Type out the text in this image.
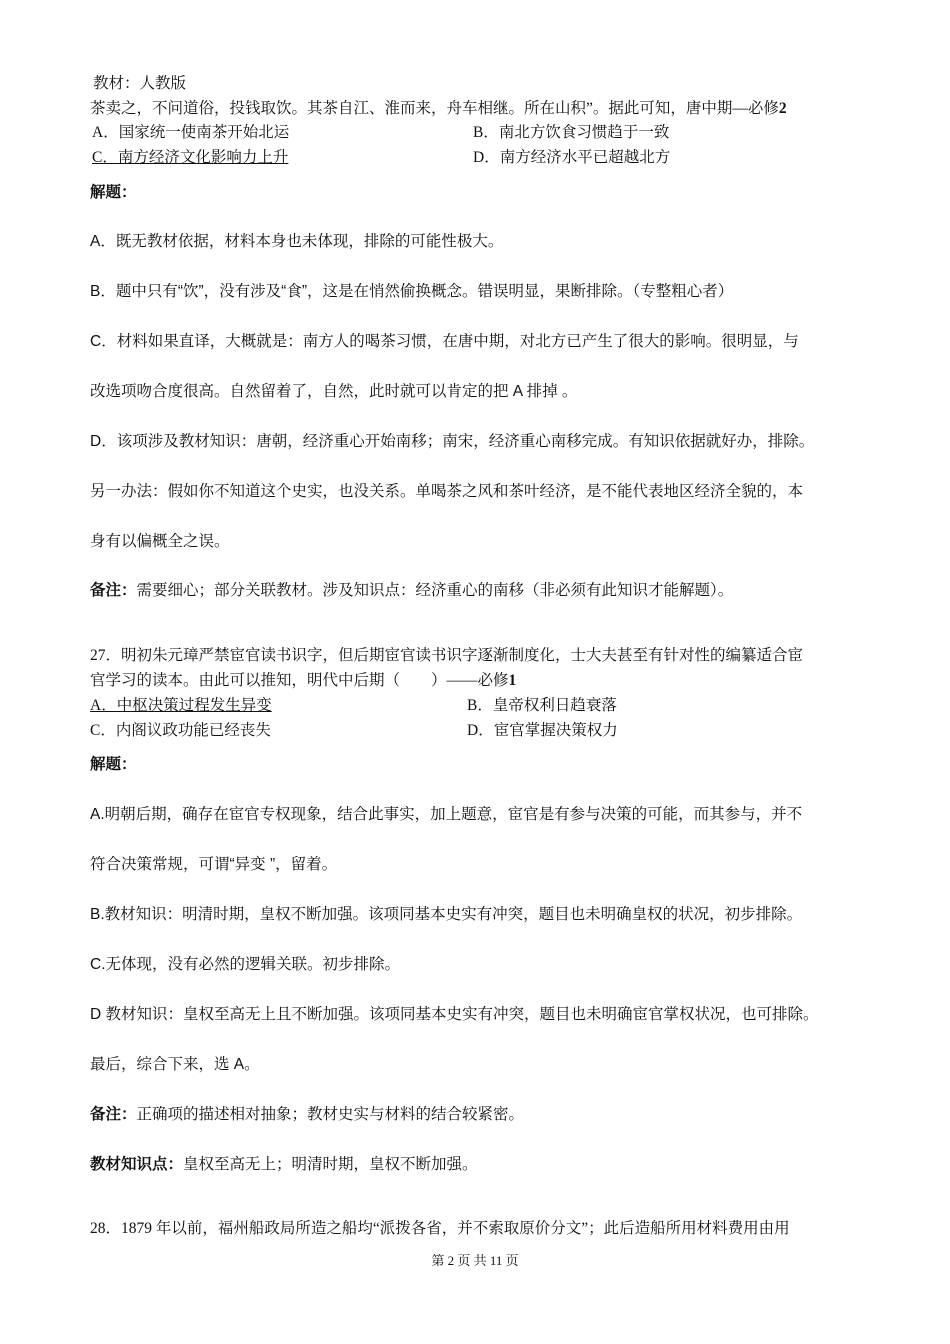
教材：人教版
茶卖之，不问道俗，投钱取饮。其茶自江、淮而来，舟车相继。所在山积”。据此可知，唐中期—必修2
A．国家统一使南茶开始北运	B．南北方饮食习惯趋于一致
C．南方经济文化影响力上升	D．南方经济水平已超越北方
解题：
A．既无教材依据，材料本身也未体现，排除的可能性极大。
B．题中只有“饮”，没有涉及“食”，这是在悄然偷换概念。错误明显，果断排除。（专整粗心者）
C．材料如果直译，大概就是：南方人的喝茶习惯，在唐中期，对北方已产生了很大的影响。很明显，与
改选项吻合度很高。自然留着了，自然，此时就可以肯定的把 A 排掉 。
D．该项涉及教材知识：唐朝，经济重心开始南移；南宋，经济重心南移完成。有知识依据就好办，排除。
另一办法：假如你不知道这个史实，也没关系。单喝茶之风和茶叶经济，是不能代表地区经济全貌的，本
身有以偏概全之误。
备注：需要细心；部分关联教材。涉及知识点：经济重心的南移（非必须有此知识才能解题）。
27．明初朱元璋严禁宦官读书识字，但后期宦官读书识字逐渐制度化，士大夫甚至有针对性的编纂适合宦
官学习的读本。由此可以推知，明代中后期（　　）——必修1
A．中枢决策过程发生异变	B．皇帝权利日趋衰落
C．内阁议政功能已经丧失	D．宦官掌握决策权力
解题：
A.明朝后期，确存在宦官专权现象，结合此事实，加上题意，宦官是有参与决策的可能，而其参与，并不
符合决策常规，可谓“异变 ”，留着。
B.教材知识：明清时期，皇权不断加强。该项同基本史实有冲突，题目也未明确皇权的状况，初步排除。
C.无体现，没有必然的逻辑关联。初步排除。
D 教材知识：皇权至高无上且不断加强。该项同基本史实有冲突，题目也未明确宦官掌权状况，也可排除。
最后，综合下来，选 A。
备注：正确项的描述相对抽象；教材史实与材料的结合较紧密。
教材知识点：皇权至高无上；明清时期，皇权不断加强。
28．1879 年以前，福州船政局所造之船均“派拨各省，并不索取原价分文”；此后造船所用材料费用由用
第 2 页 共 11 页
